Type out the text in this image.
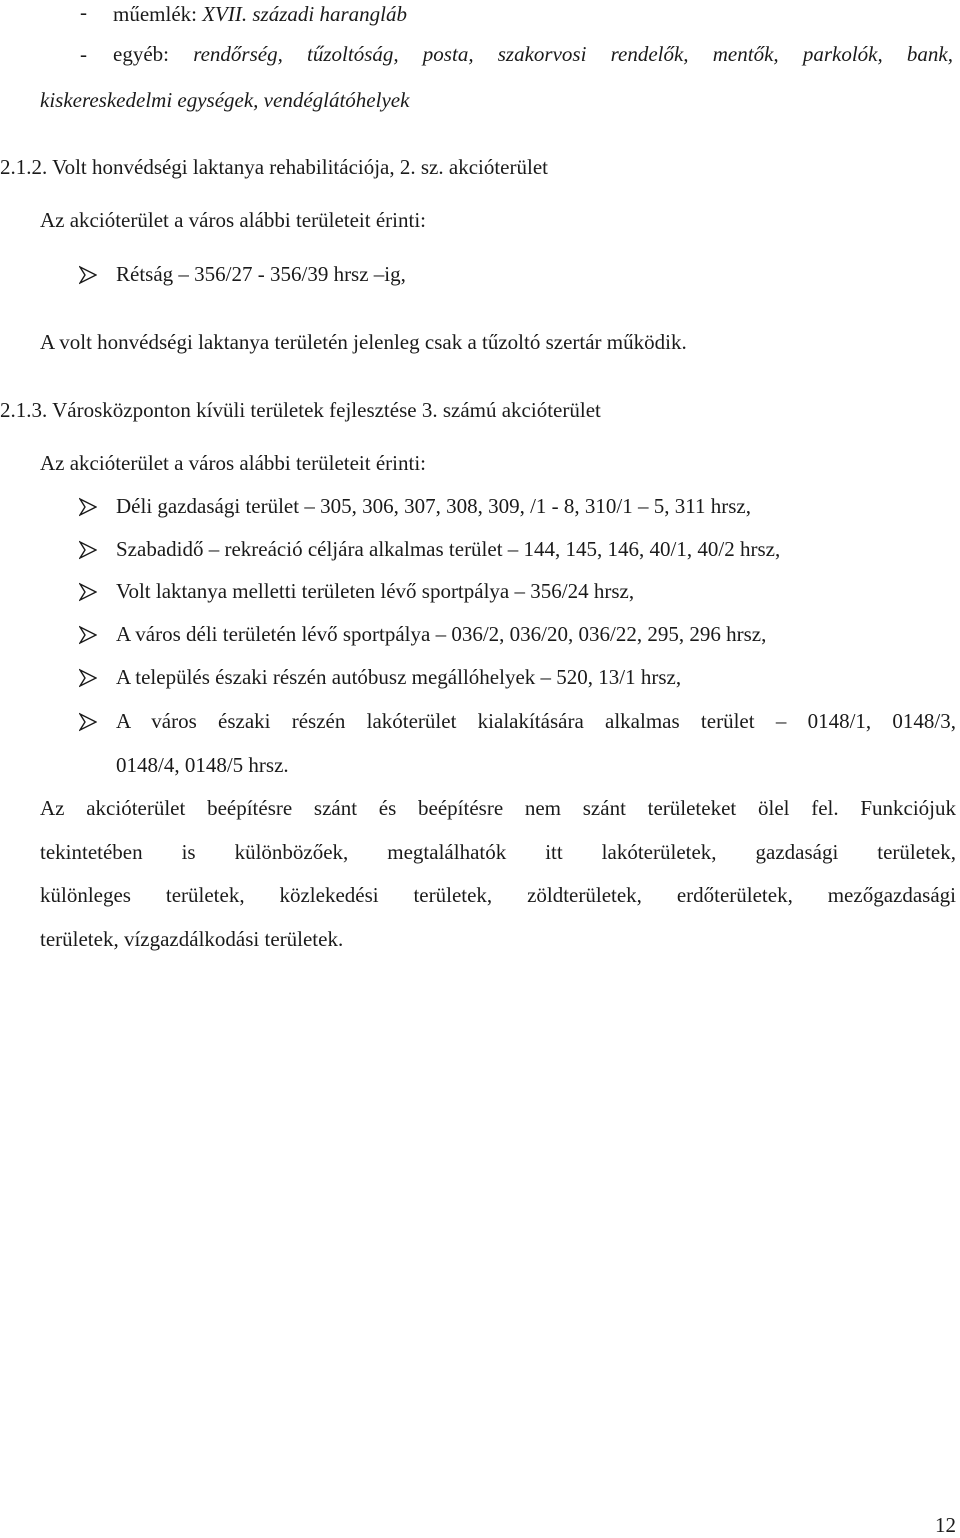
- műemlék: XVII. századi harangláb
- egyéb: rendőrség, tűzoltóság, posta, szakorvosi rendelők, mentők, parkolók, bank,
kiskereskedelmi egységek, vendéglátóhelyek
2.1.2. Volt honvédségi laktanya rehabilitációja, 2. sz. akcióterület
Az akcióterület a város alábbi területeit érinti:
Rétság – 356/27 - 356/39 hrsz –ig,
A volt honvédségi laktanya területén jelenleg csak a tűzoltó szertár működik.
2.1.3. Városközponton kívüli területek fejlesztése 3. számú akcióterület
Az akcióterület a város alábbi területeit érinti:
Déli gazdasági terület – 305, 306, 307, 308, 309, /1 - 8, 310/1 – 5, 311 hrsz,
Szabadidő – rekreáció céljára alkalmas terület – 144, 145, 146, 40/1, 40/2 hrsz,
Volt laktanya melletti területen lévő sportpálya – 356/24 hrsz,
A város déli területén lévő sportpálya – 036/2, 036/20, 036/22, 295, 296 hrsz,
A település északi részén autóbusz megállóhelyek – 520, 13/1 hrsz,
A város északi részén lakóterület kialakítására alkalmas terület – 0148/1, 0148/3,
0148/4, 0148/5 hrsz.
Az akcióterület beépítésre szánt és beépítésre nem szánt területeket ölel fel. Funkciójuk
tekintetében is különbözőek, megtalálhatók itt lakóterületek, gazdasági területek,
különleges területek, közlekedési területek, zöldterületek, erdőterületek, mezőgazdasági
területek, vízgazdálkodási területek.
12
